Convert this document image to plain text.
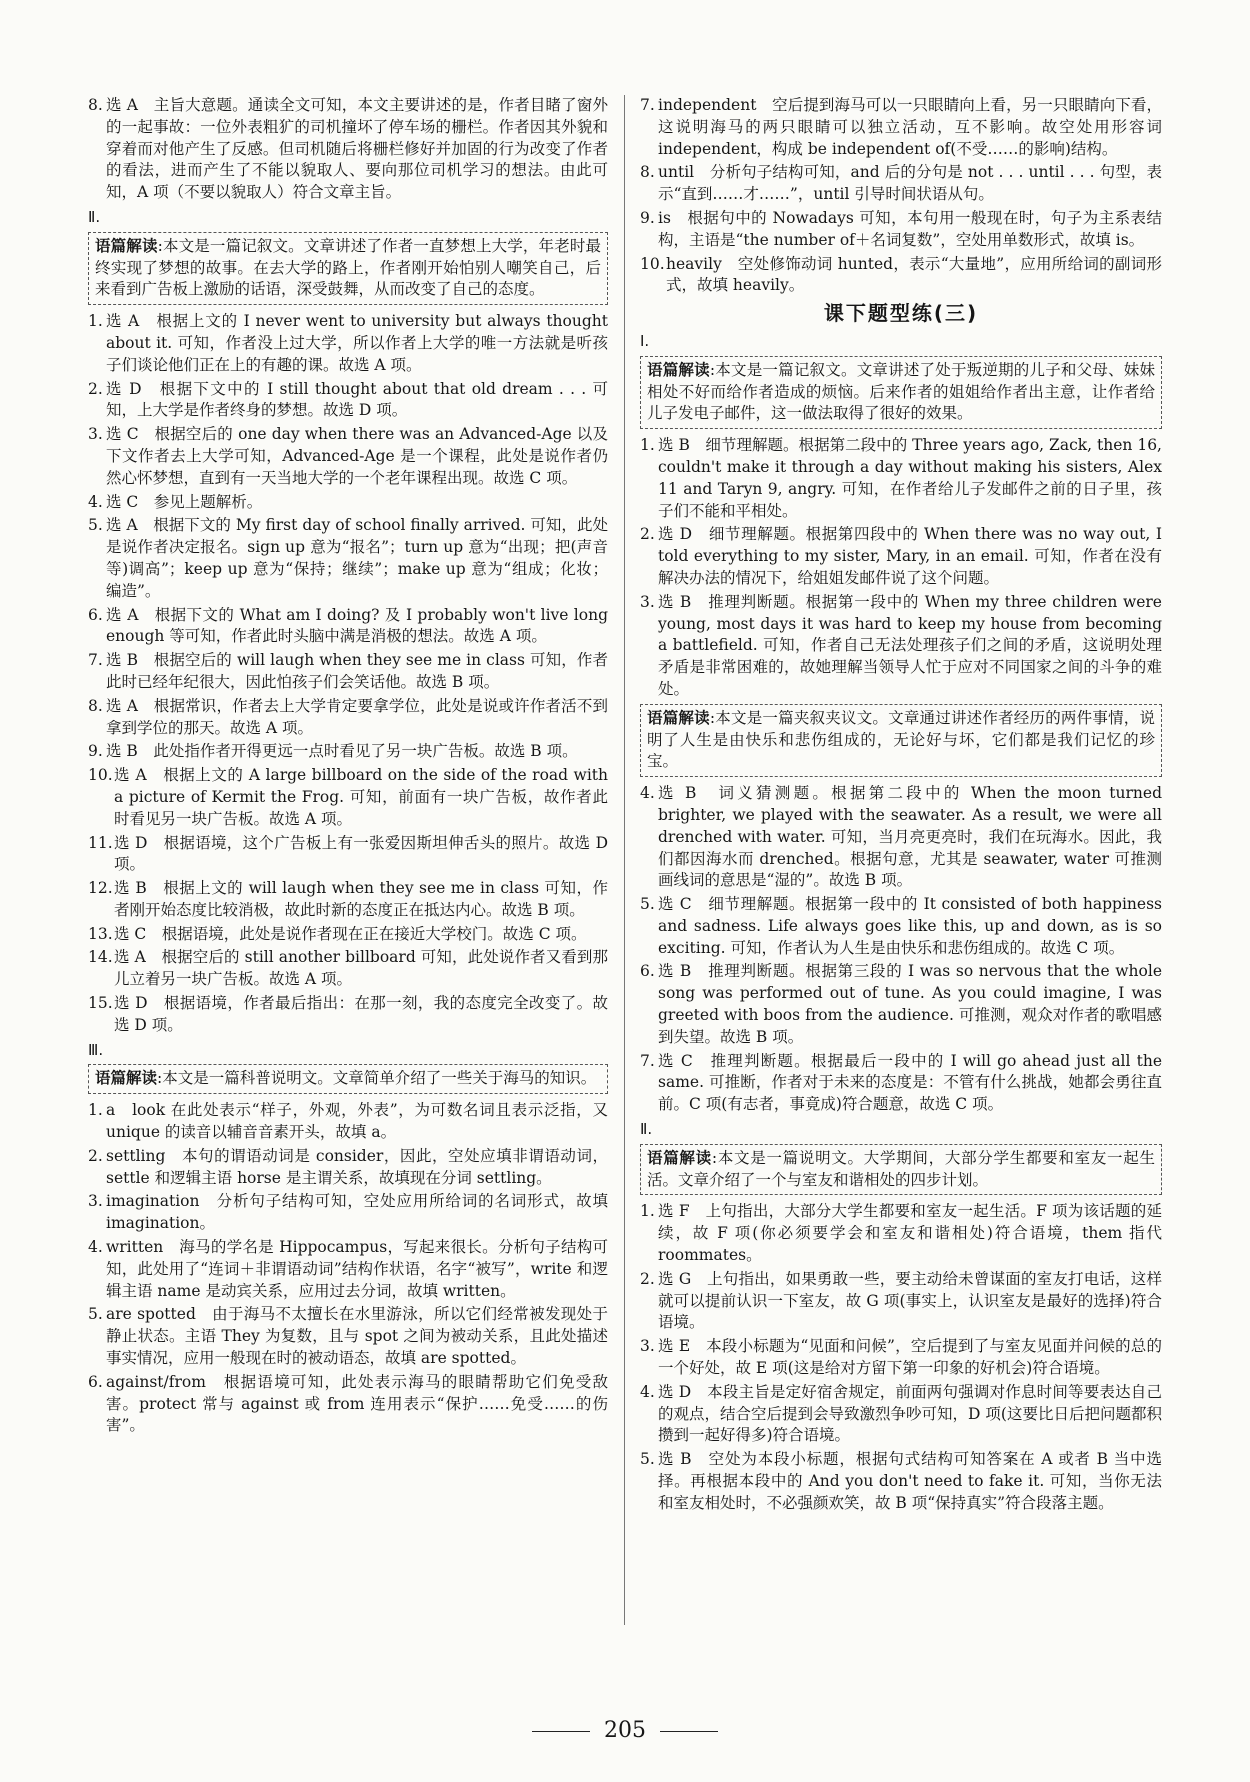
8. 选 A　主旨大意题。通读全文可知，本文主要讲述的是，作者目睹了窗外的一起事故：一位外表粗犷的司机撞坏了停车场的栅栏。作者因其外貌和穿着而对他产生了反感。但司机随后将栅栏修好并加固的行为改变了作者的看法，进而产生了不能以貌取人、要向那位司机学习的想法。由此可知，A 项（不要以貌取人）符合文章主旨。
Ⅱ.
语篇解读:本文是一篇记叙文。文章讲述了作者一直梦想上大学，年老时最终实现了梦想的故事。在去大学的路上，作者刚开始怕别人嘲笑自己，后来看到广告板上激励的话语，深受鼓舞，从而改变了自己的态度。
1. 选 A　根据上文的 I never went to university but always thought about it. 可知，作者没上过大学，所以作者上大学的唯一方法就是听孩子们谈论他们正在上的有趣的课。故选 A 项。
2. 选 D　根据下文中的 I still thought about that old dream . . . 可知，上大学是作者终身的梦想。故选 D 项。
3. 选 C　根据空后的 one day when there was an Advanced-Age 以及下文作者去上大学可知，Advanced-Age 是一个课程，此处是说作者仍然心怀梦想，直到有一天当地大学的一个老年课程出现。故选 C 项。
4. 选 C　参见上题解析。
5. 选 A　根据下文的 My first day of school finally arrived. 可知，此处是说作者决定报名。sign up 意为“报名”；turn up 意为“出现；把(声音等)调高”；keep up 意为“保持；继续”；make up 意为“组成；化妆；编造”。
6. 选 A　根据下文的 What am I doing? 及 I probably won't live long enough 等可知，作者此时头脑中满是消极的想法。故选 A 项。
7. 选 B　根据空后的 will laugh when they see me in class 可知，作者此时已经年纪很大，因此怕孩子们会笑话他。故选 B 项。
8. 选 A　根据常识，作者去上大学肯定要拿学位，此处是说或许作者活不到拿到学位的那天。故选 A 项。
9. 选 B　此处指作者开得更远一点时看见了另一块广告板。故选 B 项。
10. 选 A　根据上文的 A large billboard on the side of the road with a picture of Kermit the Frog. 可知，前面有一块广告板，故作者此时看见另一块广告板。故选 A 项。
11. 选 D　根据语境，这个广告板上有一张爱因斯坦伸舌头的照片。故选 D 项。
12. 选 B　根据上文的 will laugh when they see me in class 可知，作者刚开始态度比较消极，故此时新的态度正在抵达内心。故选 B 项。
13. 选 C　根据语境，此处是说作者现在正在接近大学校门。故选 C 项。
14. 选 A　根据空后的 still another billboard 可知，此处说作者又看到那儿立着另一块广告板。故选 A 项。
15. 选 D　根据语境，作者最后指出：在那一刻，我的态度完全改变了。故选 D 项。
Ⅲ.
语篇解读:本文是一篇科普说明文。文章简单介绍了一些关于海马的知识。
1. a　look 在此处表示“样子，外观，外表”，为可数名词且表示泛指，又 unique 的读音以辅音音素开头，故填 a。
2. settling　本句的谓语动词是 consider，因此，空处应填非谓语动词，settle 和逻辑主语 horse 是主谓关系，故填现在分词 settling。
3. imagination　分析句子结构可知，空处应用所给词的名词形式，故填 imagination。
4. written　海马的学名是 Hippocampus，写起来很长。分析句子结构可知，此处用了“连词＋非谓语动词”结构作状语，名字“被写”，write 和逻辑主语 name 是动宾关系，应用过去分词，故填 written。
5. are spotted　由于海马不太擅长在水里游泳，所以它们经常被发现处于静止状态。主语 They 为复数，且与 spot 之间为被动关系，且此处描述事实情况，应用一般现在时的被动语态，故填 are spotted。
6. against/from　根据语境可知，此处表示海马的眼睛帮助它们免受敌害。protect 常与 against 或 from 连用表示“保护……免受……的伤害”。
7. independent　空后提到海马可以一只眼睛向上看，另一只眼睛向下看，这说明海马的两只眼睛可以独立活动，互不影响。故空处用形容词 independent，构成 be independent of(不受……的影响)结构。
8. until　分析句子结构可知，and 后的分句是 not . . . until . . . 句型，表示“直到……才……”，until 引导时间状语从句。
9. is　根据句中的 Nowadays 可知，本句用一般现在时，句子为主系表结构，主语是“the number of＋名词复数”，空处用单数形式，故填 is。
10. heavily　空处修饰动词 hunted，表示“大量地”，应用所给词的副词形式，故填 heavily。
课下题型练(三)
Ⅰ.
语篇解读:本文是一篇记叙文。文章讲述了处于叛逆期的儿子和父母、妹妹相处不好而给作者造成的烦恼。后来作者的姐姐给作者出主意，让作者给儿子发电子邮件，这一做法取得了很好的效果。
1. 选 B　细节理解题。根据第二段中的 Three years ago, Zack, then 16, couldn't make it through a day without making his sisters, Alex 11 and Taryn 9, angry. 可知，在作者给儿子发邮件之前的日子里，孩子们不能和平相处。
2. 选 D　细节理解题。根据第四段中的 When there was no way out, I told everything to my sister, Mary, in an email. 可知，作者在没有解决办法的情况下，给姐姐发邮件说了这个问题。
3. 选 B　推理判断题。根据第一段中的 When my three children were young, most days it was hard to keep my house from becoming a battlefield. 可知，作者自己无法处理孩子们之间的矛盾，这说明处理矛盾是非常困难的，故她理解当领导人忙于应对不同国家之间的斗争的难处。
语篇解读:本文是一篇夹叙夹议文。文章通过讲述作者经历的两件事情，说明了人生是由快乐和悲伤组成的，无论好与坏，它们都是我们记忆的珍宝。
4. 选 B　词义猜测题。根据第二段中的 When the moon turned brighter, we played with the seawater. As a result, we were all drenched with water. 可知，当月亮更亮时，我们在玩海水。因此，我们都因海水而 drenched。根据句意，尤其是 seawater, water 可推测画线词的意思是“湿的”。故选 B 项。
5. 选 C　细节理解题。根据第一段中的 It consisted of both happiness and sadness. Life always goes like this, up and down, as is so exciting. 可知，作者认为人生是由快乐和悲伤组成的。故选 C 项。
6. 选 B　推理判断题。根据第三段的 I was so nervous that the whole song was performed out of tune. As you could imagine, I was greeted with boos from the audience. 可推测，观众对作者的歌唱感到失望。故选 B 项。
7. 选 C　推理判断题。根据最后一段中的 I will go ahead just all the same. 可推断，作者对于未来的态度是：不管有什么挑战，她都会勇往直前。C 项(有志者，事竟成)符合题意，故选 C 项。
Ⅱ.
语篇解读:本文是一篇说明文。大学期间，大部分学生都要和室友一起生活。文章介绍了一个与室友和谐相处的四步计划。
1. 选 F　上句指出，大部分大学生都要和室友一起生活。F 项为该话题的延续，故 F 项(你必须要学会和室友和谐相处)符合语境，them 指代 roommates。
2. 选 G　上句指出，如果勇敢一些，要主动给未曾谋面的室友打电话，这样就可以提前认识一下室友，故 G 项(事实上，认识室友是最好的选择)符合语境。
3. 选 E　本段小标题为“见面和问候”，空后提到了与室友见面并问候的总的一个好处，故 E 项(这是给对方留下第一印象的好机会)符合语境。
4. 选 D　本段主旨是定好宿舍规定，前面两句强调对作息时间等要表达自己的观点，结合空后提到会导致激烈争吵可知，D 项(这要比日后把问题都积攒到一起好得多)符合语境。
5. 选 B　空处为本段小标题，根据句式结构可知答案在 A 或者 B 当中选择。再根据本段中的 And you don't need to fake it. 可知，当你无法和室友相处时，不必强颜欢笑，故 B 项“保持真实”符合段落主题。
205
